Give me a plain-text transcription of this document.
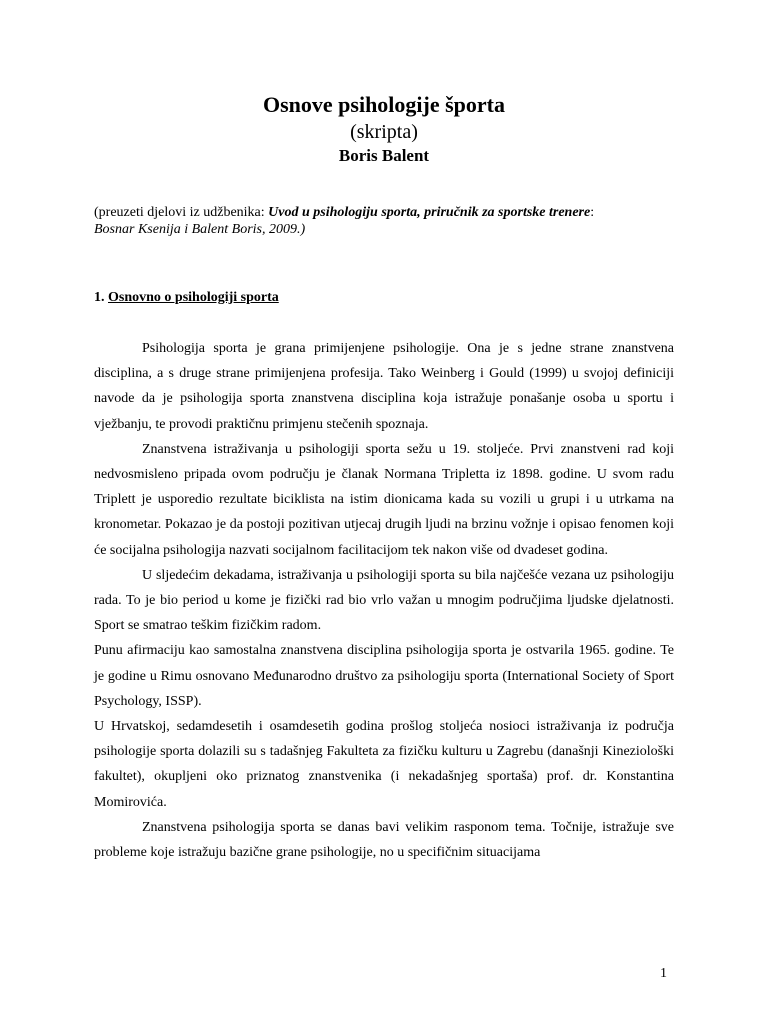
Osnove psihologije športa
(skripta)
Boris Balent
(preuzeti djelovi iz udžbenika: Uvod u psihologiju sporta, priručnik za sportske trenere:
Bosnar Ksenija i Balent Boris, 2009.)
1. Osnovno o psihologiji sporta

Psihologija sporta je grana primijenjene psihologije. Ona je s jedne strane znanstvena disciplina, a s druge strane primijenjena profesija. Tako Weinberg i Gould (1999) u svojoj definiciji navode da je psihologija sporta znanstvena disciplina koja istražuje ponašanje osoba u sportu i vježbanju, te provodi praktičnu primjenu stečenih spoznaja.

Znanstvena istraživanja u psihologiji sporta sežu u 19. stoljeće. Prvi znanstveni rad koji nedvosmisleno pripada ovom području je članak Normana Tripletta iz 1898. godine. U svom radu Triplett je usporedio rezultate biciklista na istim dionicama kada su vozili u grupi i u utrkama na kronometar. Pokazao je da postoji pozitivan utjecaj drugih ljudi na brzinu vožnje i opisao fenomen koji će socijalna psihologija nazvati socijalnom facilitacijom tek nakon više od dvadeset godina.

U sljedećim dekadama, istraživanja u psihologiji sporta su bila najčešće vezana uz psihologiju rada. To je bio period u kome je fizički rad bio vrlo važan u mnogim područjima ljudske djelatnosti. Sport se smatrao teškim fizičkim radom.

Punu afirmaciju kao samostalna znanstvena disciplina psihologija sporta je ostvarila 1965. godine. Te je godine u Rimu osnovano Međunarodno društvo za psihologiju sporta (International Society of Sport Psychology, ISSP).

U Hrvatskoj, sedamdesetih i osamdesetih godina prošlog stoljeća nosioci istraživanja iz područja psihologije sporta dolazili su s tadašnjeg Fakulteta za fizičku kulturu u Zagrebu (današnji Kineziološki fakultet), okupljeni oko priznatog znanstvenika (i nekadašnjeg sportaša) prof. dr. Konstantina Momirovića.

Znanstvena psihologija sporta se danas bavi velikim rasponom tema. Točnije, istražuje sve probleme koje istražuju bazične grane psihologije, no u specifičnim situacijama

1
